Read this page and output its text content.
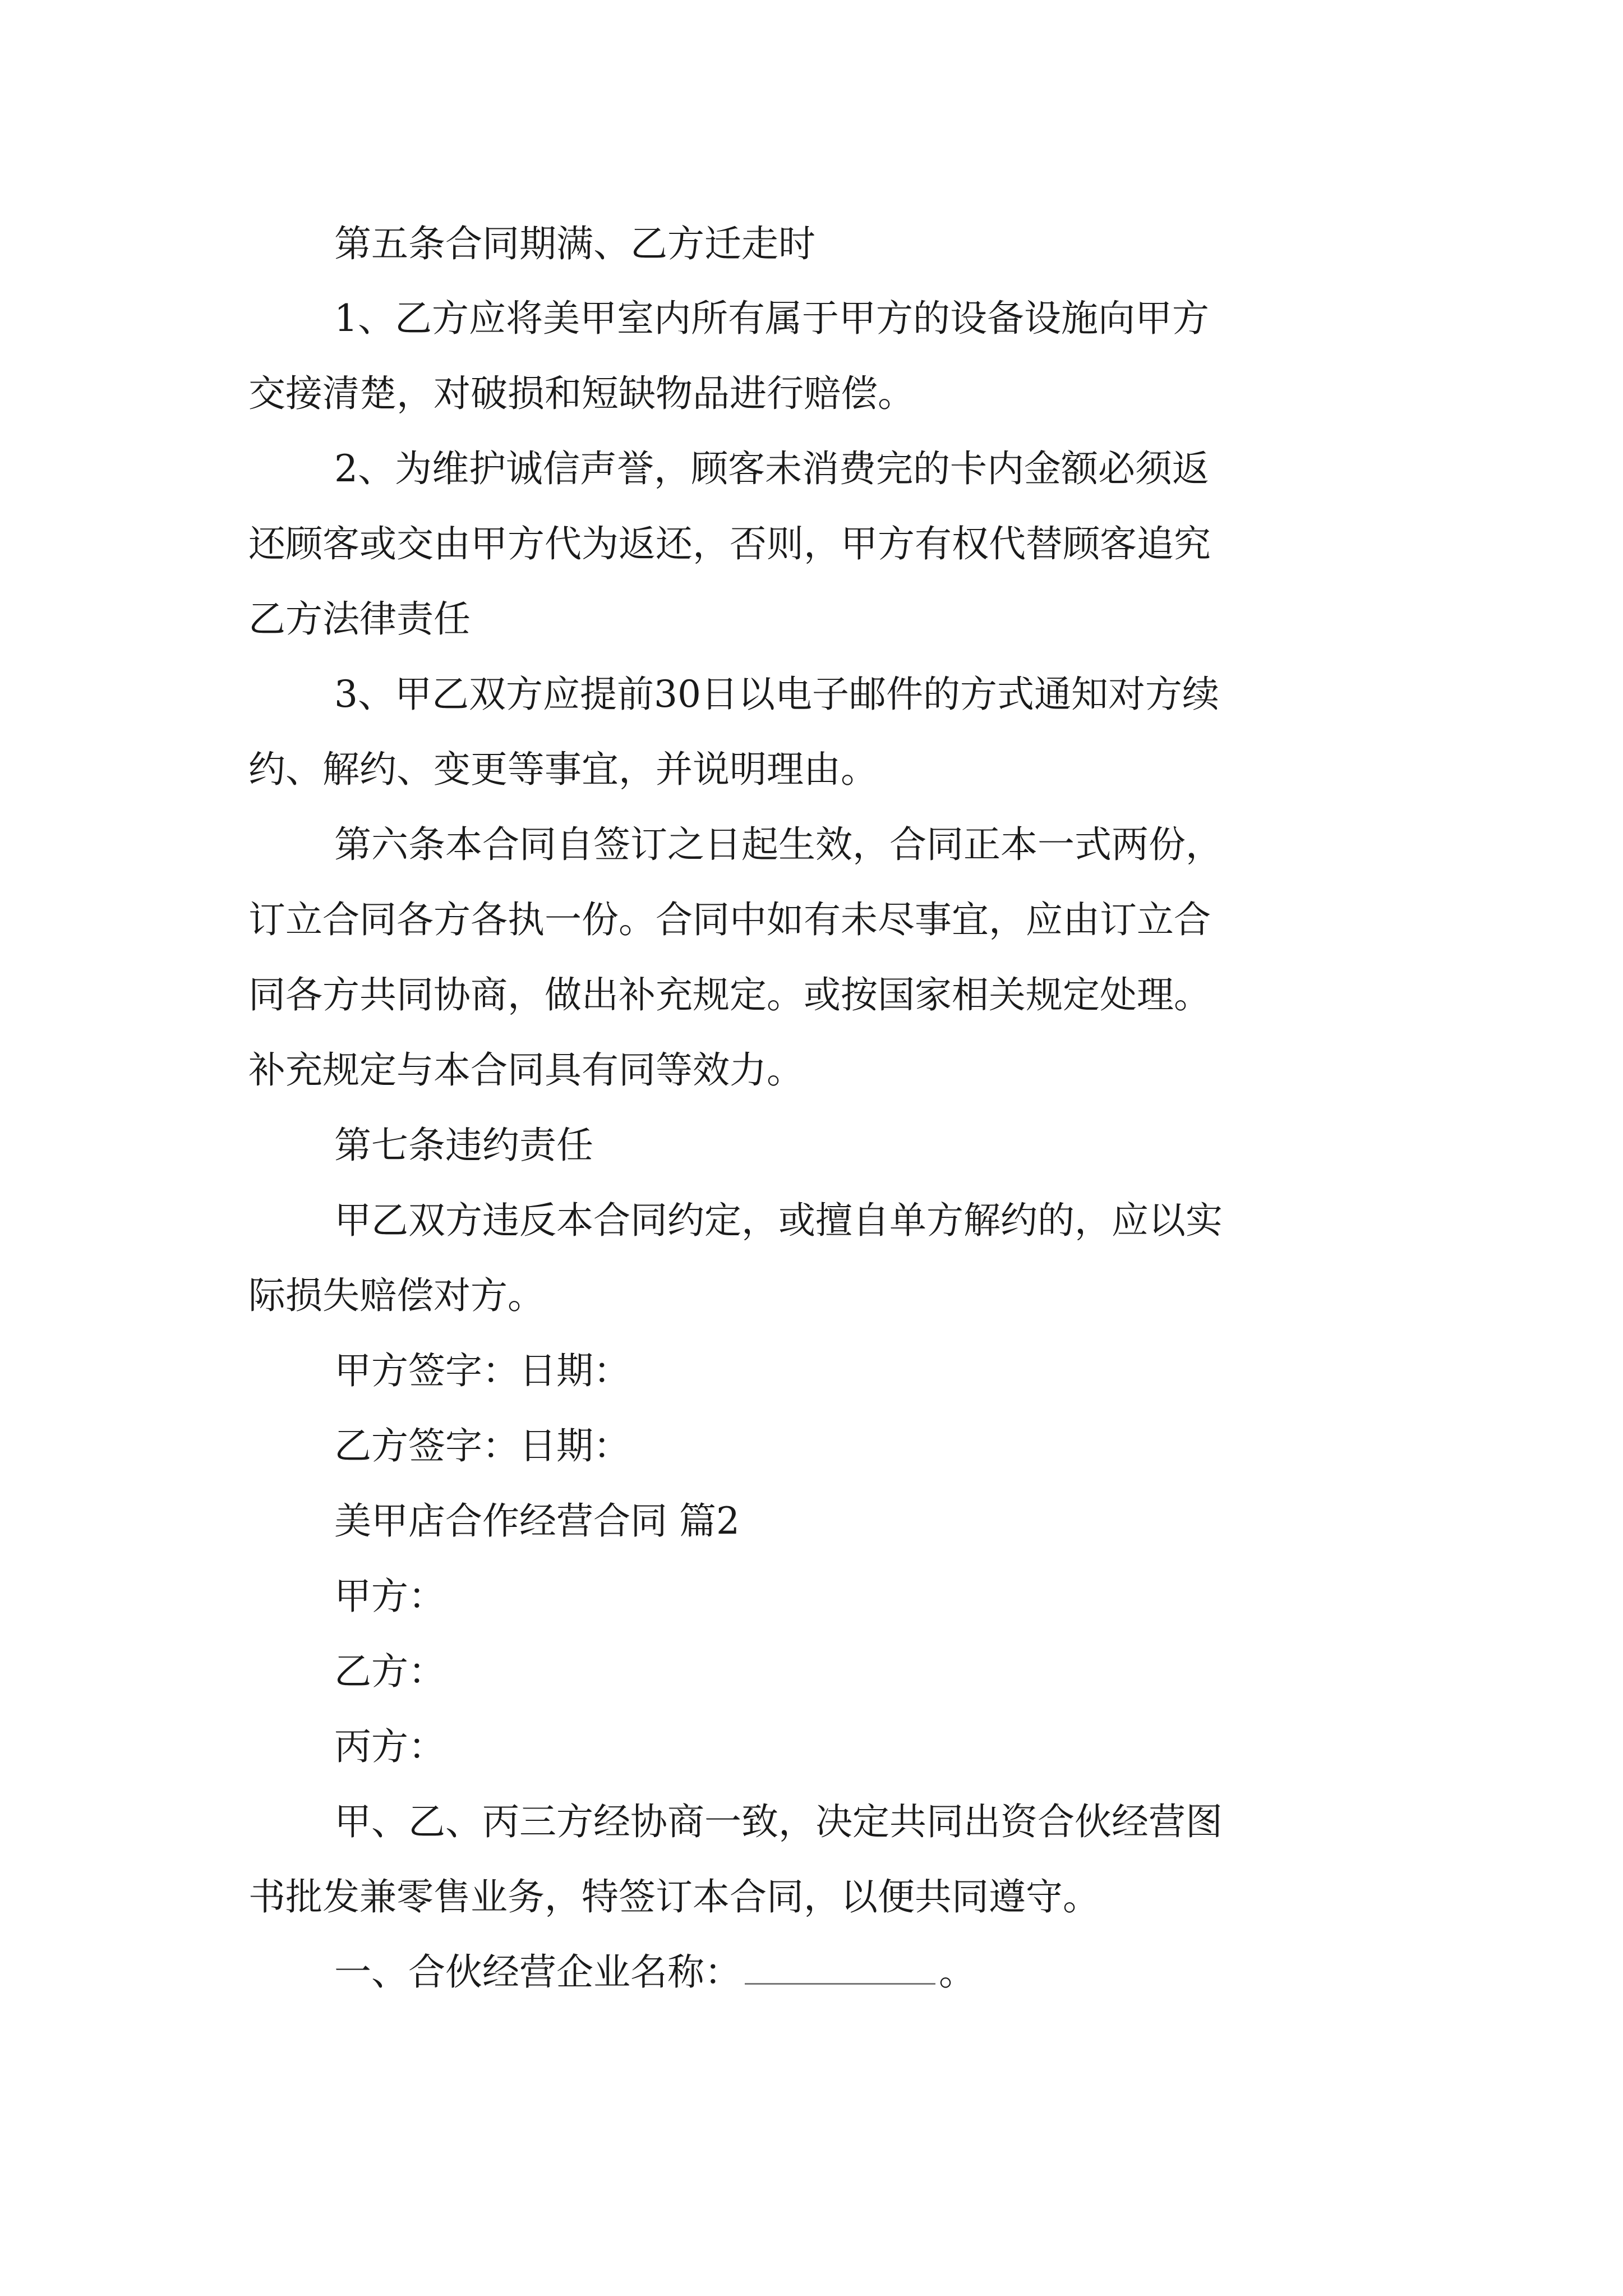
第五条合同期满、乙方迁走时
1、乙方应将美甲室内所有属于甲方的设备设施向甲方
交接清楚，对破损和短缺物品进行赔偿。
2、为维护诚信声誉，顾客未消费完的卡内金额必须返
还顾客或交由甲方代为返还，否则，甲方有权代替顾客追究
乙方法律责任
3、甲乙双方应提前30日以电子邮件的方式通知对方续
约、解约、变更等事宜，并说明理由。
第六条本合同自签订之日起生效，合同正本一式两份，
订立合同各方各执一份。合同中如有未尽事宜，应由订立合
同各方共同协商，做出补充规定。或按国家相关规定处理。
补充规定与本合同具有同等效力。
第七条违约责任
甲乙双方违反本合同约定，或擅自单方解约的，应以实
际损失赔偿对方。
甲方签字：日期：
乙方签字：日期：
美甲店合作经营合同 篇2
甲方：
乙方：
丙方：
甲、乙、丙三方经协商一致，决定共同出资合伙经营图
书批发兼零售业务，特签订本合同，以便共同遵守。
一、合伙经营企业名称：	。
